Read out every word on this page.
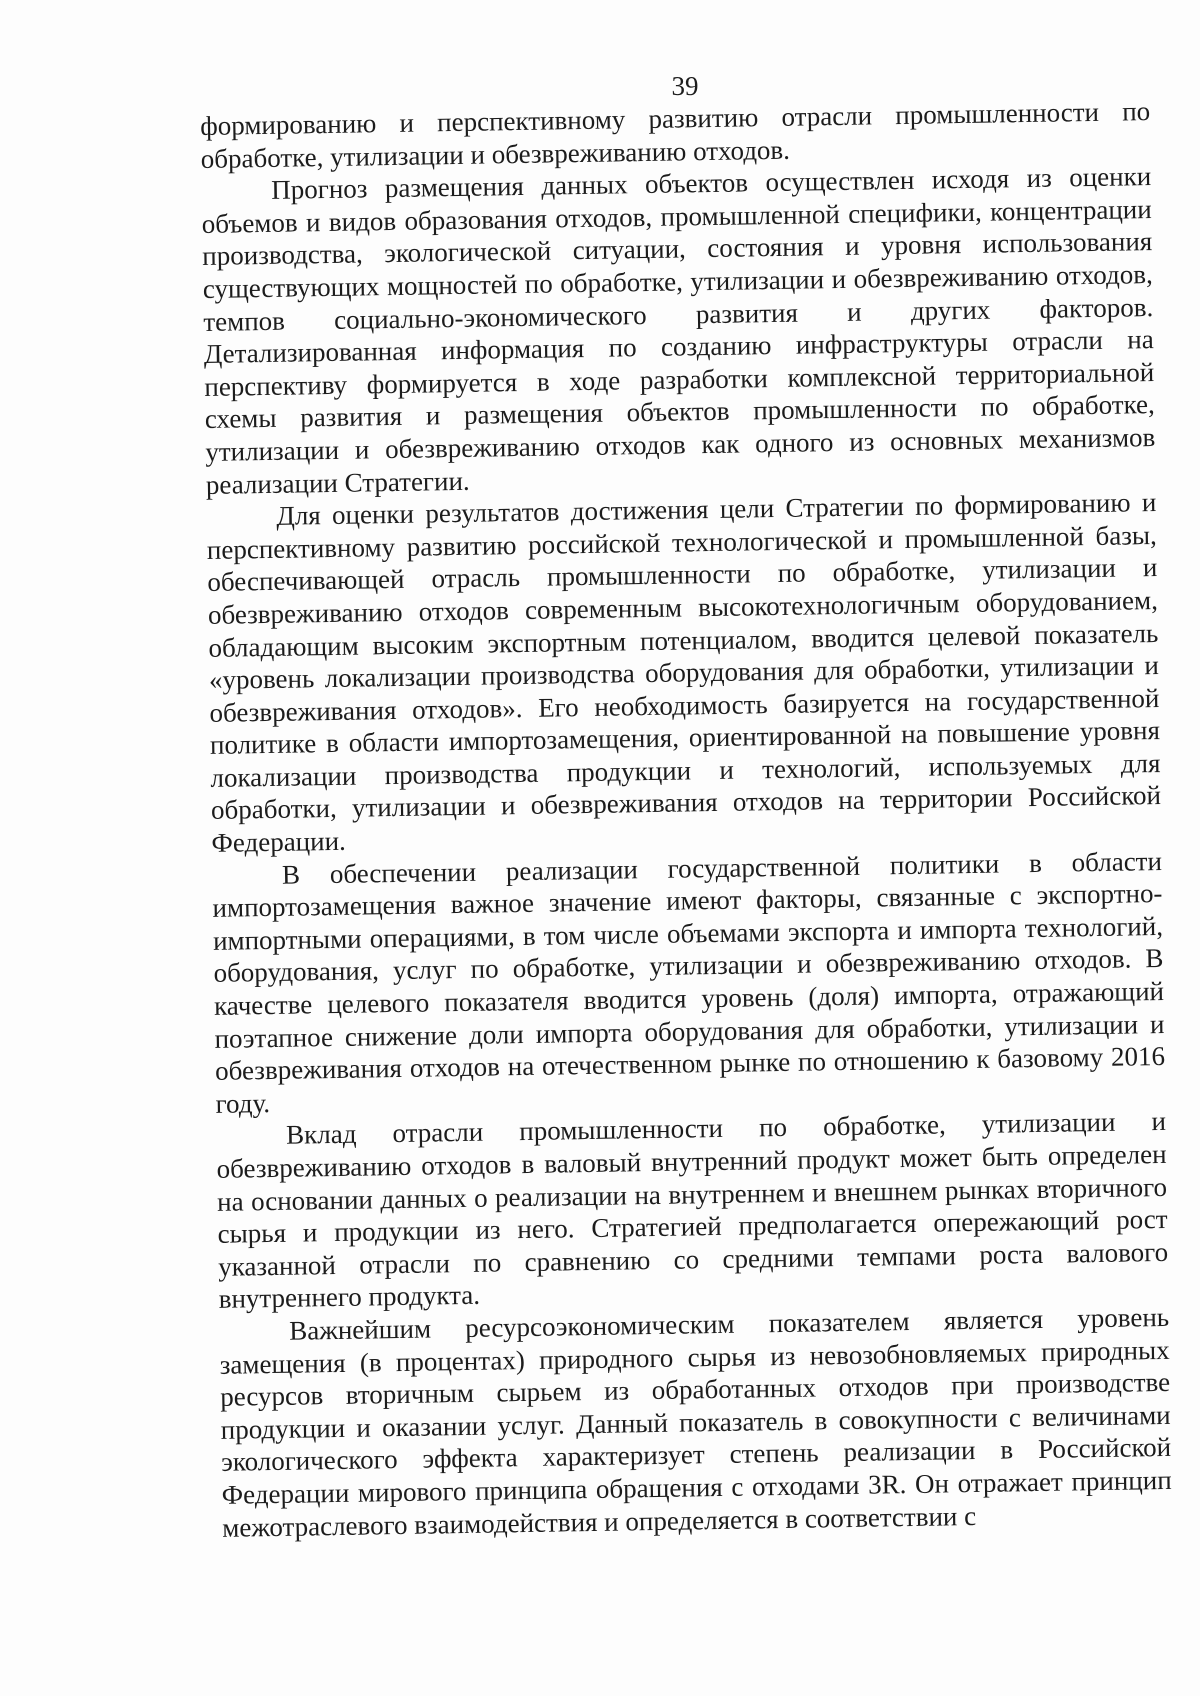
39

формированию и перспективному развитию отрасли промышленности по обработке, утилизации и обезвреживанию отходов.

Прогноз размещения данных объектов осуществлен исходя из оценки объемов и видов образования отходов, промышленной специфики, концентрации производства, экологической ситуации, состояния и уровня использования существующих мощностей по обработке, утилизации и обезвреживанию отходов, темпов социально-экономического развития и других факторов. Детализированная информация по созданию инфраструктуры отрасли на перспективу формируется в ходе разработки комплексной территориальной схемы развития и размещения объектов промышленности по обработке, утилизации и обезвреживанию отходов как одного из основных механизмов реализации Стратегии.

Для оценки результатов достижения цели Стратегии по формированию и перспективному развитию российской технологической и промышленной базы, обеспечивающей отрасль промышленности по обработке, утилизации и обезвреживанию отходов современным высокотехнологичным оборудованием, обладающим высоким экспортным потенциалом, вводится целевой показатель «уровень локализации производства оборудования для обработки, утилизации и обезвреживания отходов». Его необходимость базируется на государственной политике в области импортозамещения, ориентированной на повышение уровня локализации производства продукции и технологий, используемых для обработки, утилизации и обезвреживания отходов на территории Российской Федерации.

В обеспечении реализации государственной политики в области импортозамещения важное значение имеют факторы, связанные с экспортно-импортными операциями, в том числе объемами экспорта и импорта технологий, оборудования, услуг по обработке, утилизации и обезвреживанию отходов. В качестве целевого показателя вводится уровень (доля) импорта, отражающий поэтапное снижение доли импорта оборудования для обработки, утилизации и обезвреживания отходов на отечественном рынке по отношению к базовому 2016 году.

Вклад отрасли промышленности по обработке, утилизации и обезвреживанию отходов в валовый внутренний продукт может быть определен на основании данных о реализации на внутреннем и внешнем рынках вторичного сырья и продукции из него. Стратегией предполагается опережающий рост указанной отрасли по сравнению со средними темпами роста валового внутреннего продукта.

Важнейшим ресурсоэкономическим показателем является уровень замещения (в процентах) природного сырья из невозобновляемых природных ресурсов вторичным сырьем из обработанных отходов при производстве продукции и оказании услуг. Данный показатель в совокупности с величинами экологического эффекта характеризует степень реализации в Российской Федерации мирового принципа обращения с отходами 3R. Он отражает принцип межотраслевого взаимодействия и определяется в соответствии с
